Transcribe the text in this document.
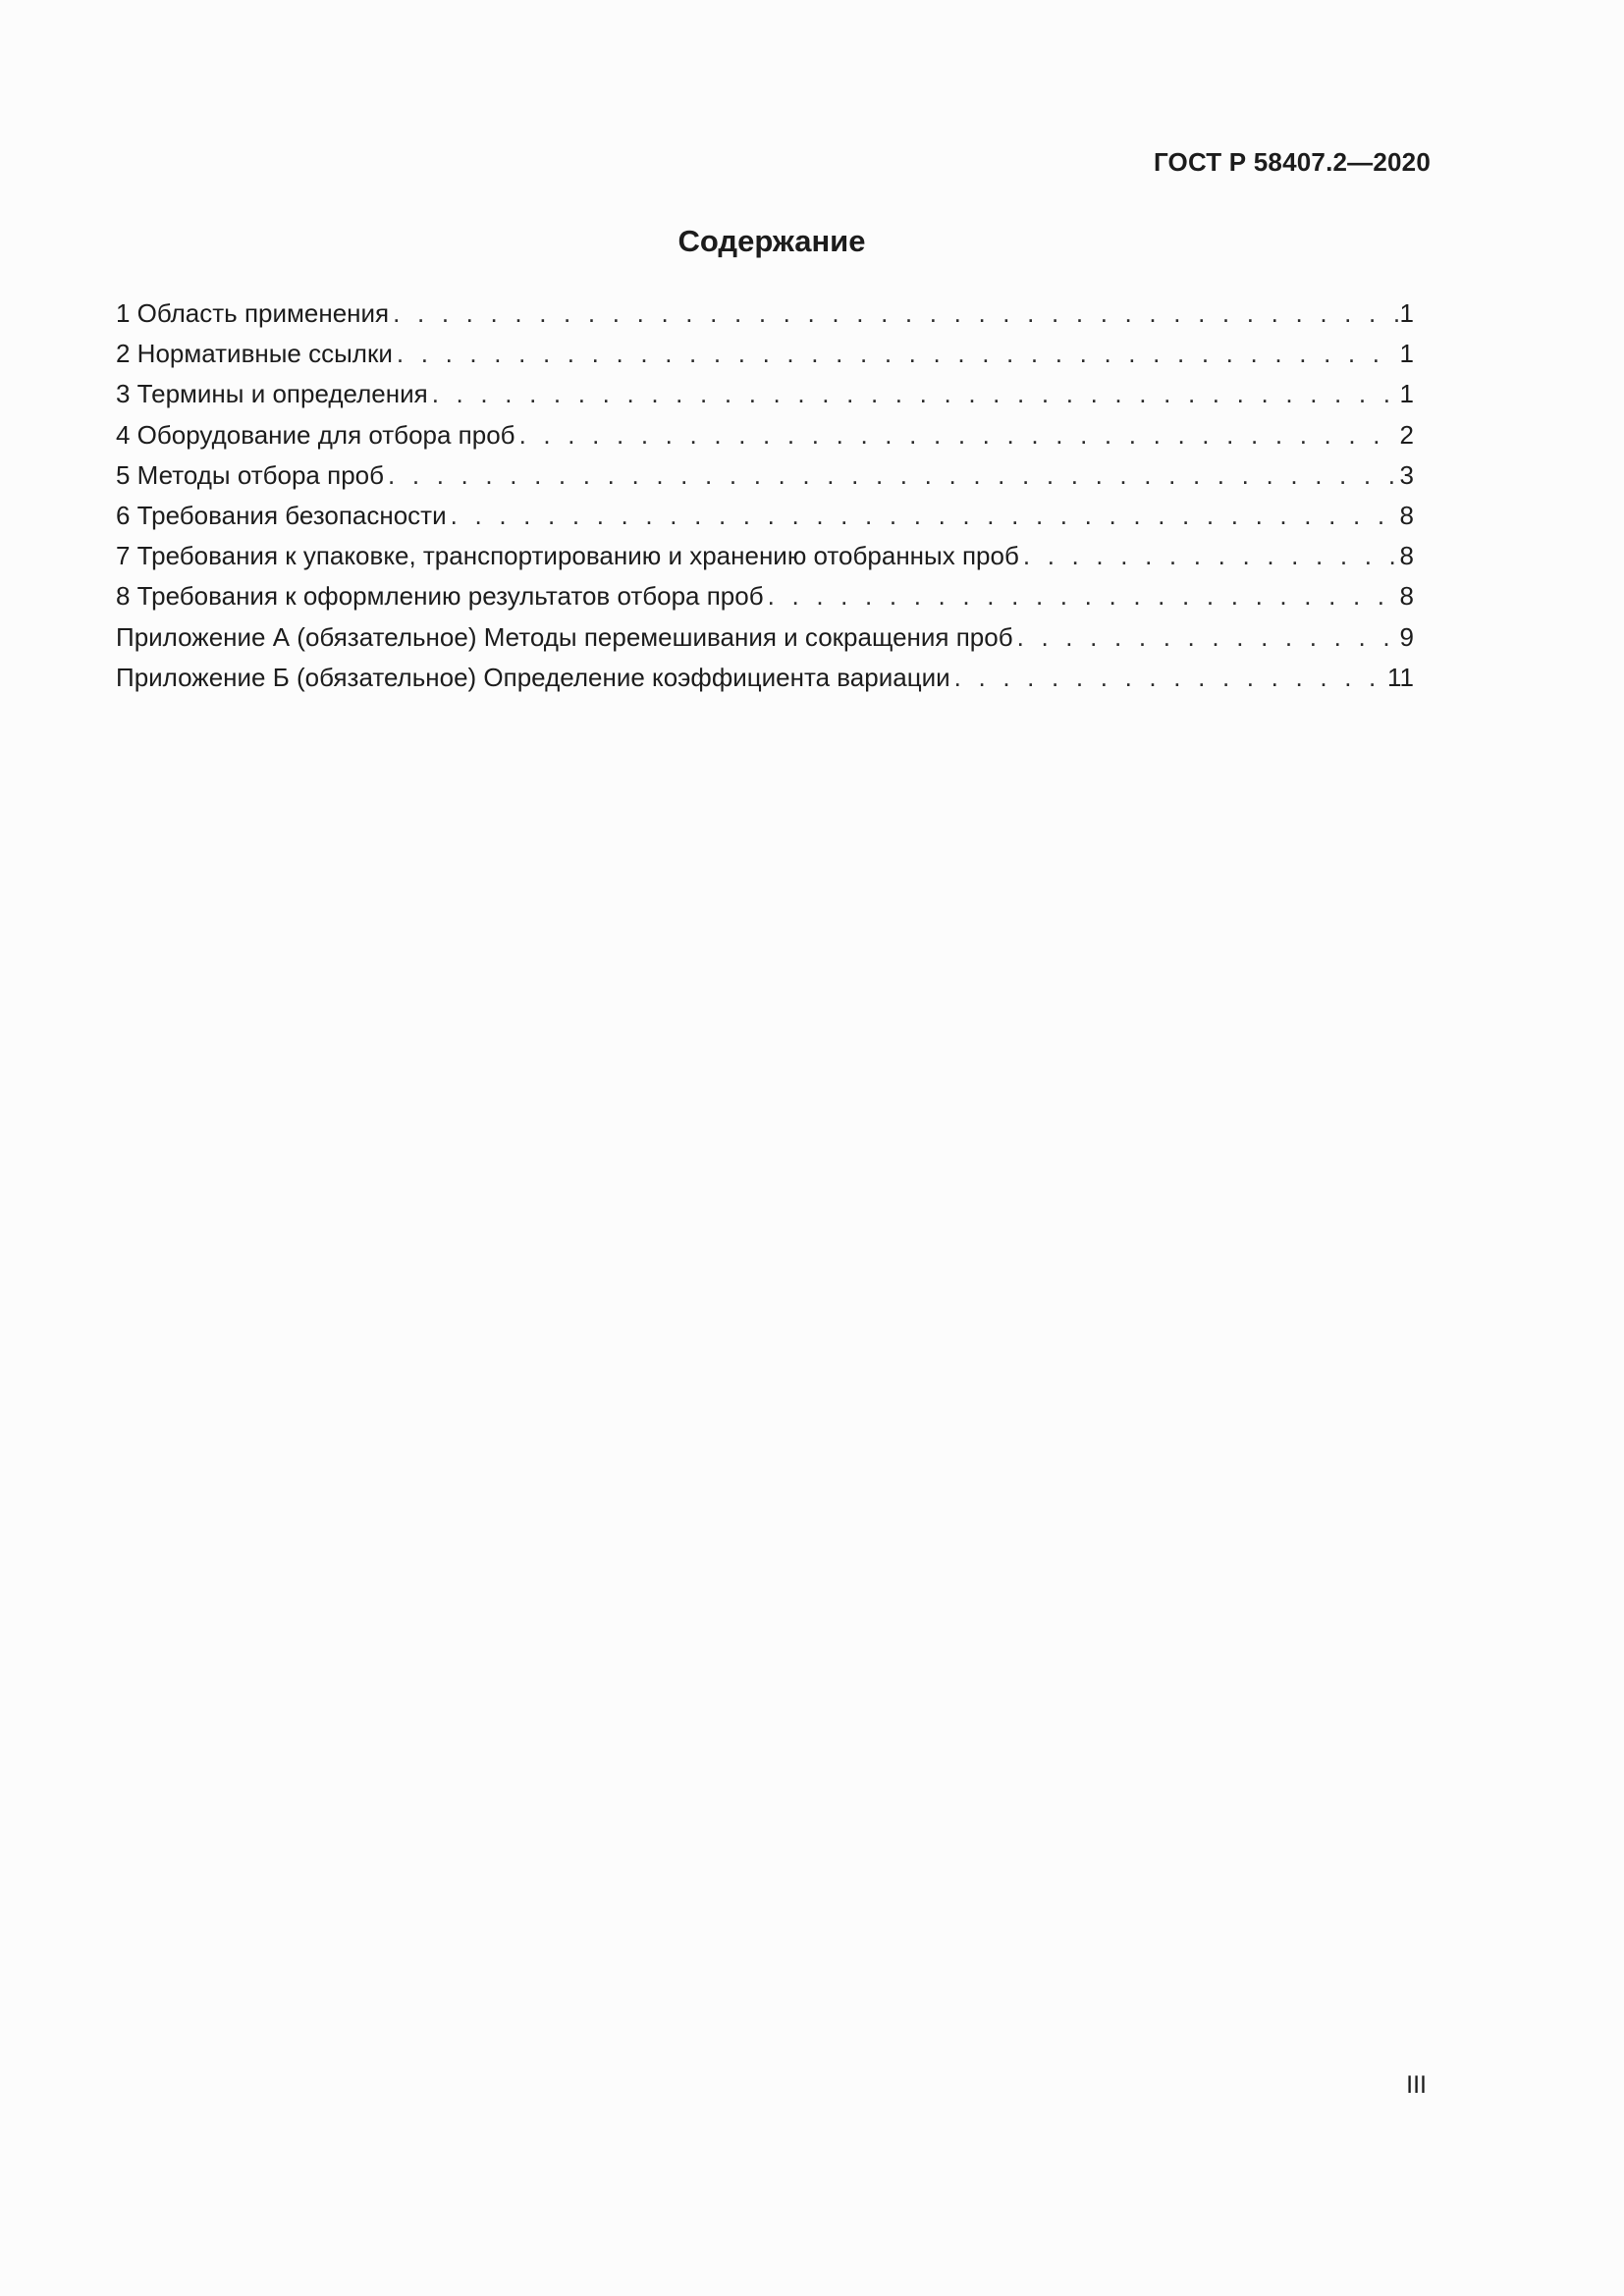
ГОСТ Р 58407.2—2020
Содержание
1 Область применения . . .	1
2 Нормативные ссылки . . .	1
3 Термины и определения . . .	1
4 Оборудование для отбора проб . . .	2
5 Методы отбора проб . . .	3
6 Требования безопасности . . .	8
7 Требования к упаковке, транспортированию и хранению отобранных проб . . .	8
8 Требования к оформлению результатов отбора проб . . .	8
Приложение А (обязательное) Методы перемешивания и сокращения проб . . .	9
Приложение Б (обязательное) Определение коэффициента вариации . . .	11
III
